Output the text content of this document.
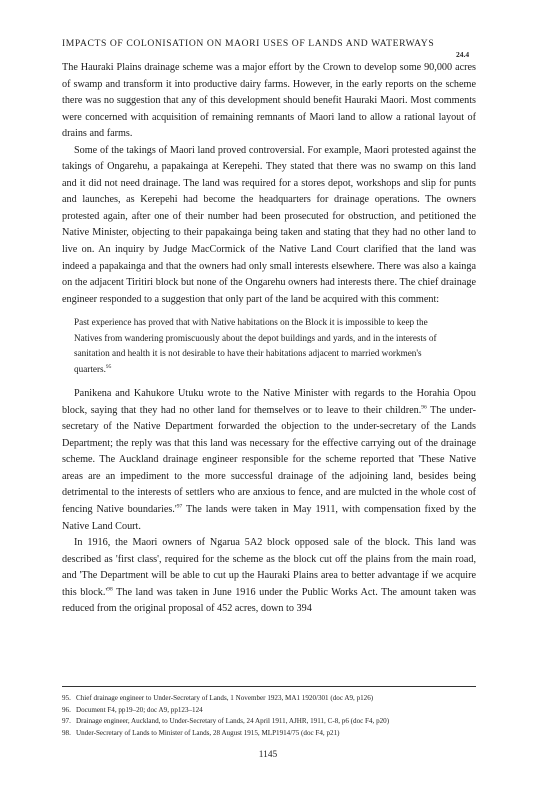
IMPACTS OF COLONISATION ON MAORI USES OF LANDS AND WATERWAYS
24.4

The Hauraki Plains drainage scheme was a major effort by the Crown to develop some 90,000 acres of swamp and transform it into productive dairy farms. However, in the early reports on the scheme there was no suggestion that any of this development should benefit Hauraki Maori. Most comments were concerned with acquisition of remaining remnants of Maori land to allow a rational layout of drains and farms.

Some of the takings of Maori land proved controversial. For example, Maori protested against the takings of Ongarehu, a papakainga at Kerepehi. They stated that there was no swamp on this land and it did not need drainage. The land was required for a stores depot, workshops and slip for punts and launches, as Kerepehi had become the headquarters for drainage operations. The owners protested again, after one of their number had been prosecuted for obstruction, and petitioned the Native Minister, objecting to their papakainga being taken and stating that they had no other land to live on. An inquiry by Judge MacCormick of the Native Land Court clarified that the land was indeed a papakainga and that the owners had only small interests elsewhere. There was also a kainga on the adjacent Tiritiri block but none of the Ongarehu owners had interests there. The chief drainage engineer responded to a suggestion that only part of the land be acquired with this comment:

Past experience has proved that with Native habitations on the Block it is impossible to keep the Natives from wandering promiscuously about the depot buildings and yards, and in the interests of sanitation and health it is not desirable to have their habitations adjacent to married workmen's quarters.$^{95}$

Panikena and Kahukore Utuku wrote to the Native Minister with regards to the Horahia Opou block, saying that they had no other land for themselves or to leave to their children.$^{96}$ The under-secretary of the Native Department forwarded the objection to the under-secretary of the Lands Department; the reply was that this land was necessary for the effective carrying out of the drainage scheme. The Auckland drainage engineer responsible for the scheme reported that 'These Native areas are an impediment to the more successful drainage of the adjoining land, besides being detrimental to the interests of settlers who are anxious to fence, and are mulcted in the whole cost of fencing Native $boundaries.'^{97}$ The lands were taken in May 1911, with compensation fixed by the Native Land Court.

In 1916, the Maori owners of Ngarua 5A2 block opposed sale of the block. This land was described as 'first class', required for the scheme as the block cut off the plains from the main road, and 'The Department will be able to cut up the Hauraki Plains area to better advantage if we acquire this $block.'^{98}$ The land was taken in June 1916 under the Public Works Act. The amount taken was reduced from the original proposal of 452 acres, down to 394

95. Chief drainage engineer to Under-Secretary of Lands, 1 November 1923, MA1 1920/301 (doc A9, p126)
96. Document F4, pp19–20; doc A9, pp123–124
97. Drainage engineer, Auckland, to Under-Secretary of Lands, 24 April 1911, AJHR, 1911, C-8, p6 (doc F4, p20)
98. Under-Secretary of Lands to Minister of Lands, 28 August 1915, MLP1914/75 (doc F4, p21)
1145
